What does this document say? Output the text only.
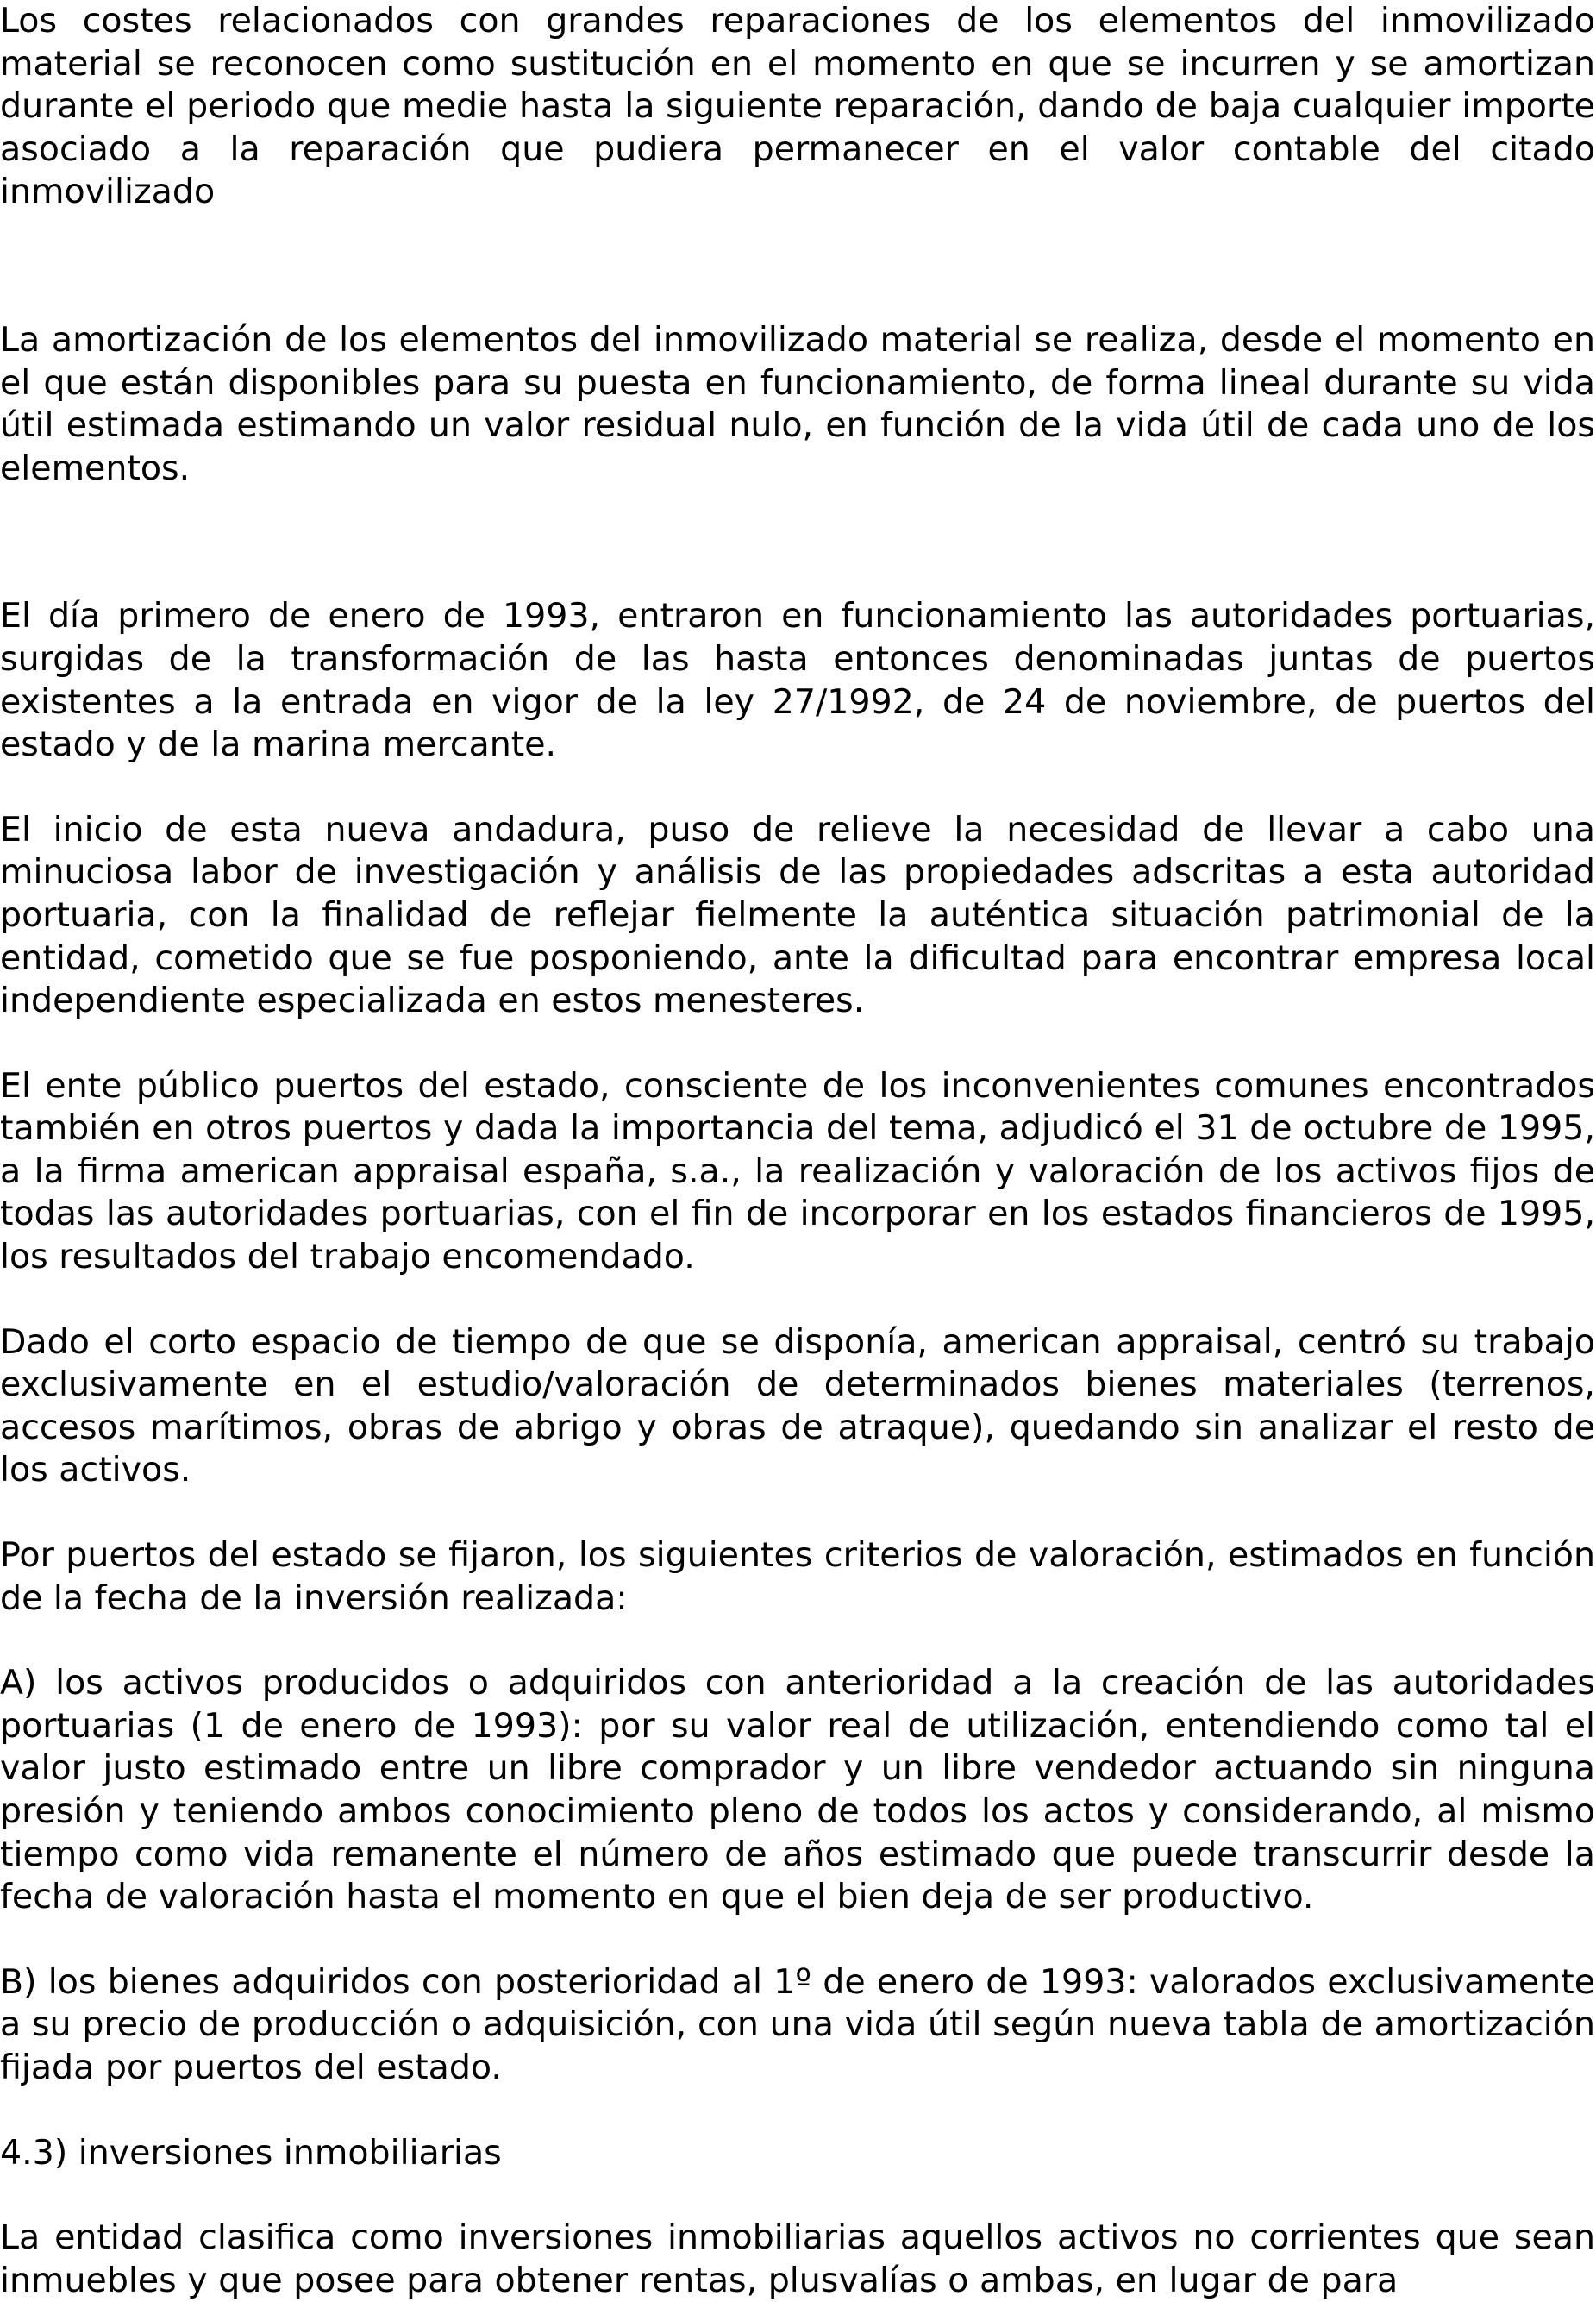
Los costes relacionados con grandes reparaciones de los elementos del inmovilizado material se reconocen como sustitución en el momento en que se incurren y se amortizan durante el periodo que medie hasta la siguiente reparación, dando de baja cualquier importe asociado a la reparación que pudiera permanecer en el valor contable del citado inmovilizado

La amortización de los elementos del inmovilizado material se realiza, desde el momento en el que están disponibles para su puesta en funcionamiento, de forma lineal durante su vida útil estimada estimando un valor residual nulo, en función de la vida útil de cada uno de los elementos.

El día primero de enero de 1993, entraron en funcionamiento las autoridades portuarias, surgidas de la transformación de las hasta entonces denominadas juntas de puertos existentes a la entrada en vigor de la ley 27/1992, de 24 de noviembre, de puertos del estado y de la marina mercante.

El inicio de esta nueva andadura, puso de relieve la necesidad de llevar a cabo una minuciosa labor de investigación y análisis de las propiedades adscritas a esta autoridad portuaria, con la finalidad de reflejar fielmente la auténtica situación patrimonial de la entidad, cometido que se fue posponiendo, ante la dificultad para encontrar empresa local independiente especializada en estos menesteres.

El ente público puertos del estado, consciente de los inconvenientes comunes encontrados también en otros puertos y dada la importancia del tema, adjudicó el 31 de octubre de 1995, a la firma american appraisal españa, s.a., la realización y valoración de los activos fijos de todas las autoridades portuarias, con el fin de incorporar en los estados financieros de 1995, los resultados del trabajo encomendado.

Dado el corto espacio de tiempo de que se disponía, american appraisal, centró su trabajo exclusivamente en el estudio/valoración de determinados bienes materiales (terrenos, accesos marítimos, obras de abrigo y obras de atraque), quedando sin analizar el resto de los activos.

Por puertos del estado se fijaron, los siguientes criterios de valoración, estimados en función de la fecha de la inversión realizada:

A) los activos producidos o adquiridos con anterioridad a la creación de las autoridades portuarias (1 de enero de 1993): por su valor real de utilización, entendiendo como tal el valor justo estimado entre un libre comprador y un libre vendedor actuando sin ninguna presión y teniendo ambos conocimiento pleno de todos los actos y considerando, al mismo tiempo como vida remanente el número de años estimado que puede transcurrir desde la fecha de valoración hasta el momento en que el bien deja de ser productivo.

B) los bienes adquiridos con posterioridad al 1º de enero de 1993: valorados exclusivamente a su precio de producción o adquisición, con una vida útil según nueva tabla de amortización fijada por puertos del estado.

4.3) inversiones inmobiliarias

La entidad clasifica como inversiones inmobiliarias aquellos activos no corrientes que sean inmuebles y que posee para obtener rentas, plusvalías o ambas, en lugar de para
